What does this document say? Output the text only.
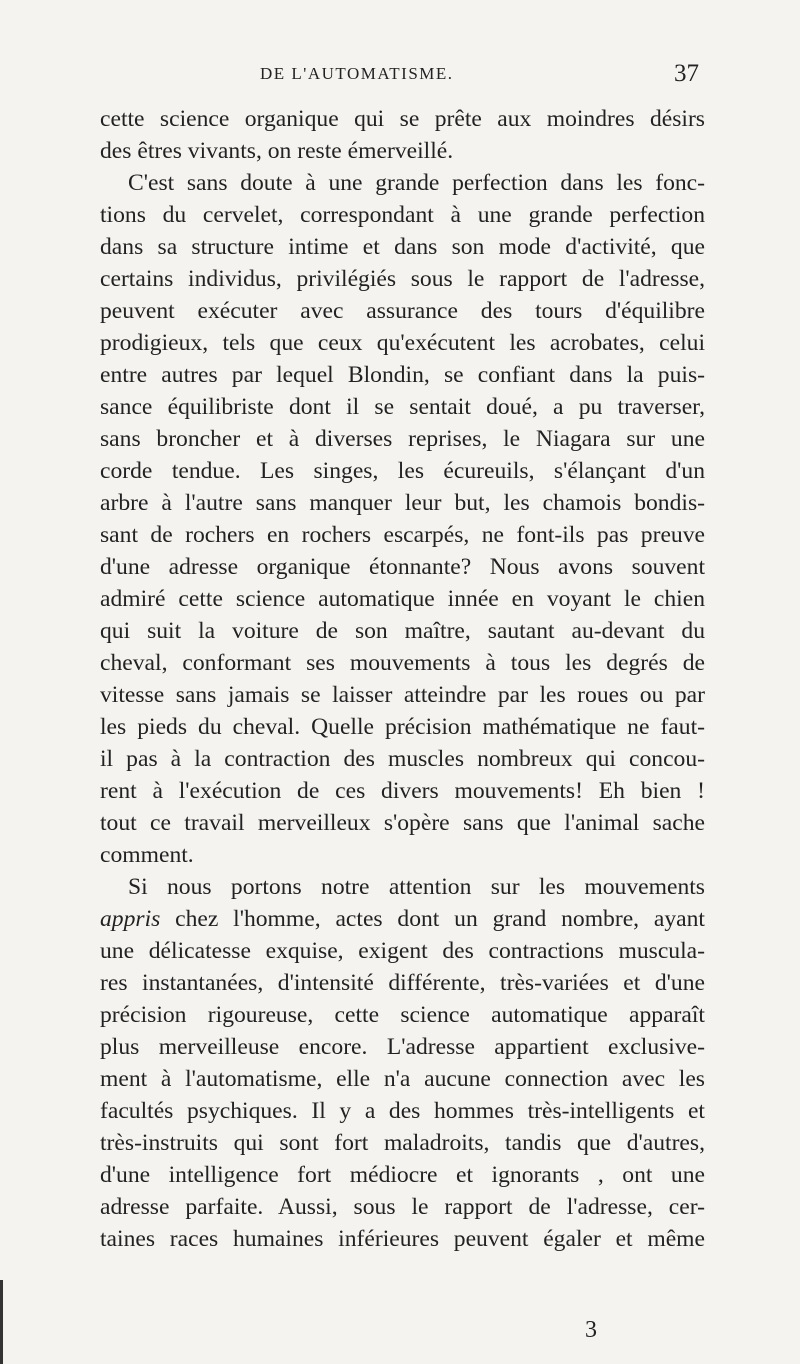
DE L'AUTOMATISME.	37
cette science organique qui se prête aux moindres désirs
des êtres vivants, on reste émerveillé.
C'est sans doute à une grande perfection dans les fonc-
tions du cervelet, correspondant à une grande perfection
dans sa structure intime et dans son mode d'activité, que
certains individus, privilégiés sous le rapport de l'adresse,
peuvent exécuter avec assurance des tours d'équilibre
prodigieux, tels que ceux qu'exécutent les acrobates, celui
entre autres par lequel Blondin, se confiant dans la puis-
sance équilibriste dont il se sentait doué, a pu traverser,
sans broncher et à diverses reprises, le Niagara sur une
corde tendue. Les singes, les écureuils, s'élançant d'un
arbre à l'autre sans manquer leur but, les chamois bondis-
sant de rochers en rochers escarpés, ne font-ils pas preuve
d'une adresse organique étonnante? Nous avons souvent
admiré cette science automatique innée en voyant le chien
qui suit la voiture de son maître, sautant au-devant du
cheval, conformant ses mouvements à tous les degrés de
vitesse sans jamais se laisser atteindre par les roues ou par
les pieds du cheval. Quelle précision mathématique ne faut-
il pas à la contraction des muscles nombreux qui concou-
rent à l'exécution de ces divers mouvements! Eh bien !
tout ce travail merveilleux s'opère sans que l'animal sache
comment.
Si nous portons notre attention sur les mouvements
appris chez l'homme, actes dont un grand nombre, ayant
une délicatesse exquise, exigent des contractions muscula-
res instantanées, d'intensité différente, très-variées et d'une
précision rigoureuse, cette science automatique apparaît
plus merveilleuse encore. L'adresse appartient exclusive-
ment à l'automatisme, elle n'a aucune connection avec les
facultés psychiques. Il y a des hommes très-intelligents et
très-instruits qui sont fort maladroits, tandis que d'autres,
d'une intelligence fort médiocre et ignorants , ont une
adresse parfaite. Aussi, sous le rapport de l'adresse, cer-
taines races humaines inférieures peuvent égaler et même
3
